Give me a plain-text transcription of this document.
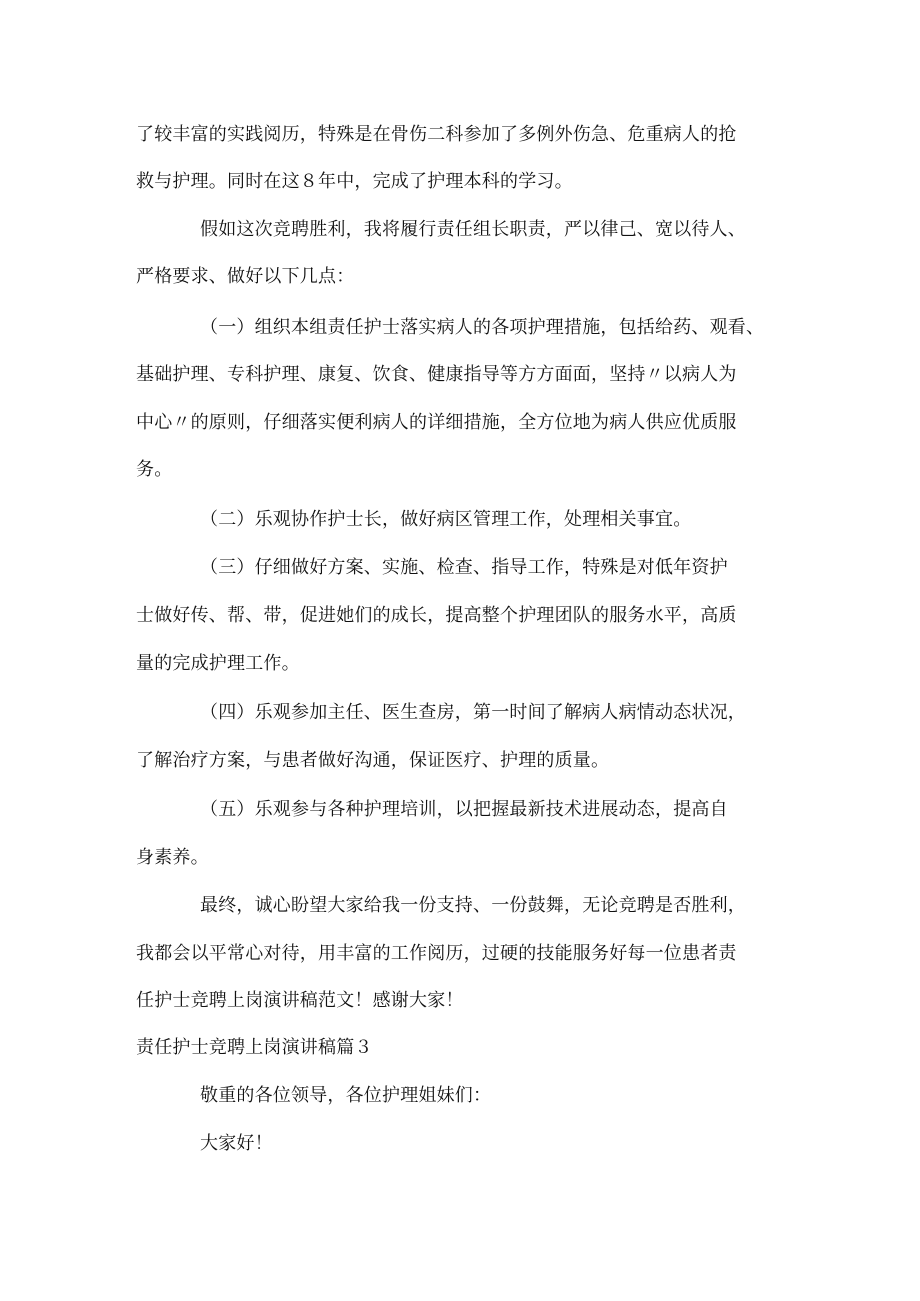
了较丰富的实践阅历，特殊是在骨伤二科参加了多例外伤急、危重病人的抢
救与护理。同时在这８年中，完成了护理本科的学习。
假如这次竞聘胜利，我将履行责任组长职责，严以律己、宽以待人、
严格要求、做好以下几点：
（一）组织本组责任护士落实病人的各项护理措施，包括给药、观看、
基础护理、专科护理、康复、饮食、健康指导等方方面面，坚持〃以病人为
中心〃的原则，仔细落实便利病人的详细措施，全方位地为病人供应优质服
务。
（二）乐观协作护士长，做好病区管理工作，处理相关事宜。
（三）仔细做好方案、实施、检查、指导工作，特殊是对低年资护
士做好传、帮、带，促进她们的成长，提高整个护理团队的服务水平，高质
量的完成护理工作。
（四）乐观参加主任、医生查房，第一时间了解病人病情动态状况，
了解治疗方案，与患者做好沟通，保证医疗、护理的质量。
（五）乐观参与各种护理培训，以把握最新技术进展动态，提高自
身素养。
最终，诚心盼望大家给我一份支持、一份鼓舞，无论竞聘是否胜利，
我都会以平常心对待，用丰富的工作阅历，过硬的技能服务好每一位患者责
任护士竞聘上岗演讲稿范文！感谢大家！
责任护士竞聘上岗演讲稿篇３
敬重的各位领导，各位护理姐妹们：
大家好！
